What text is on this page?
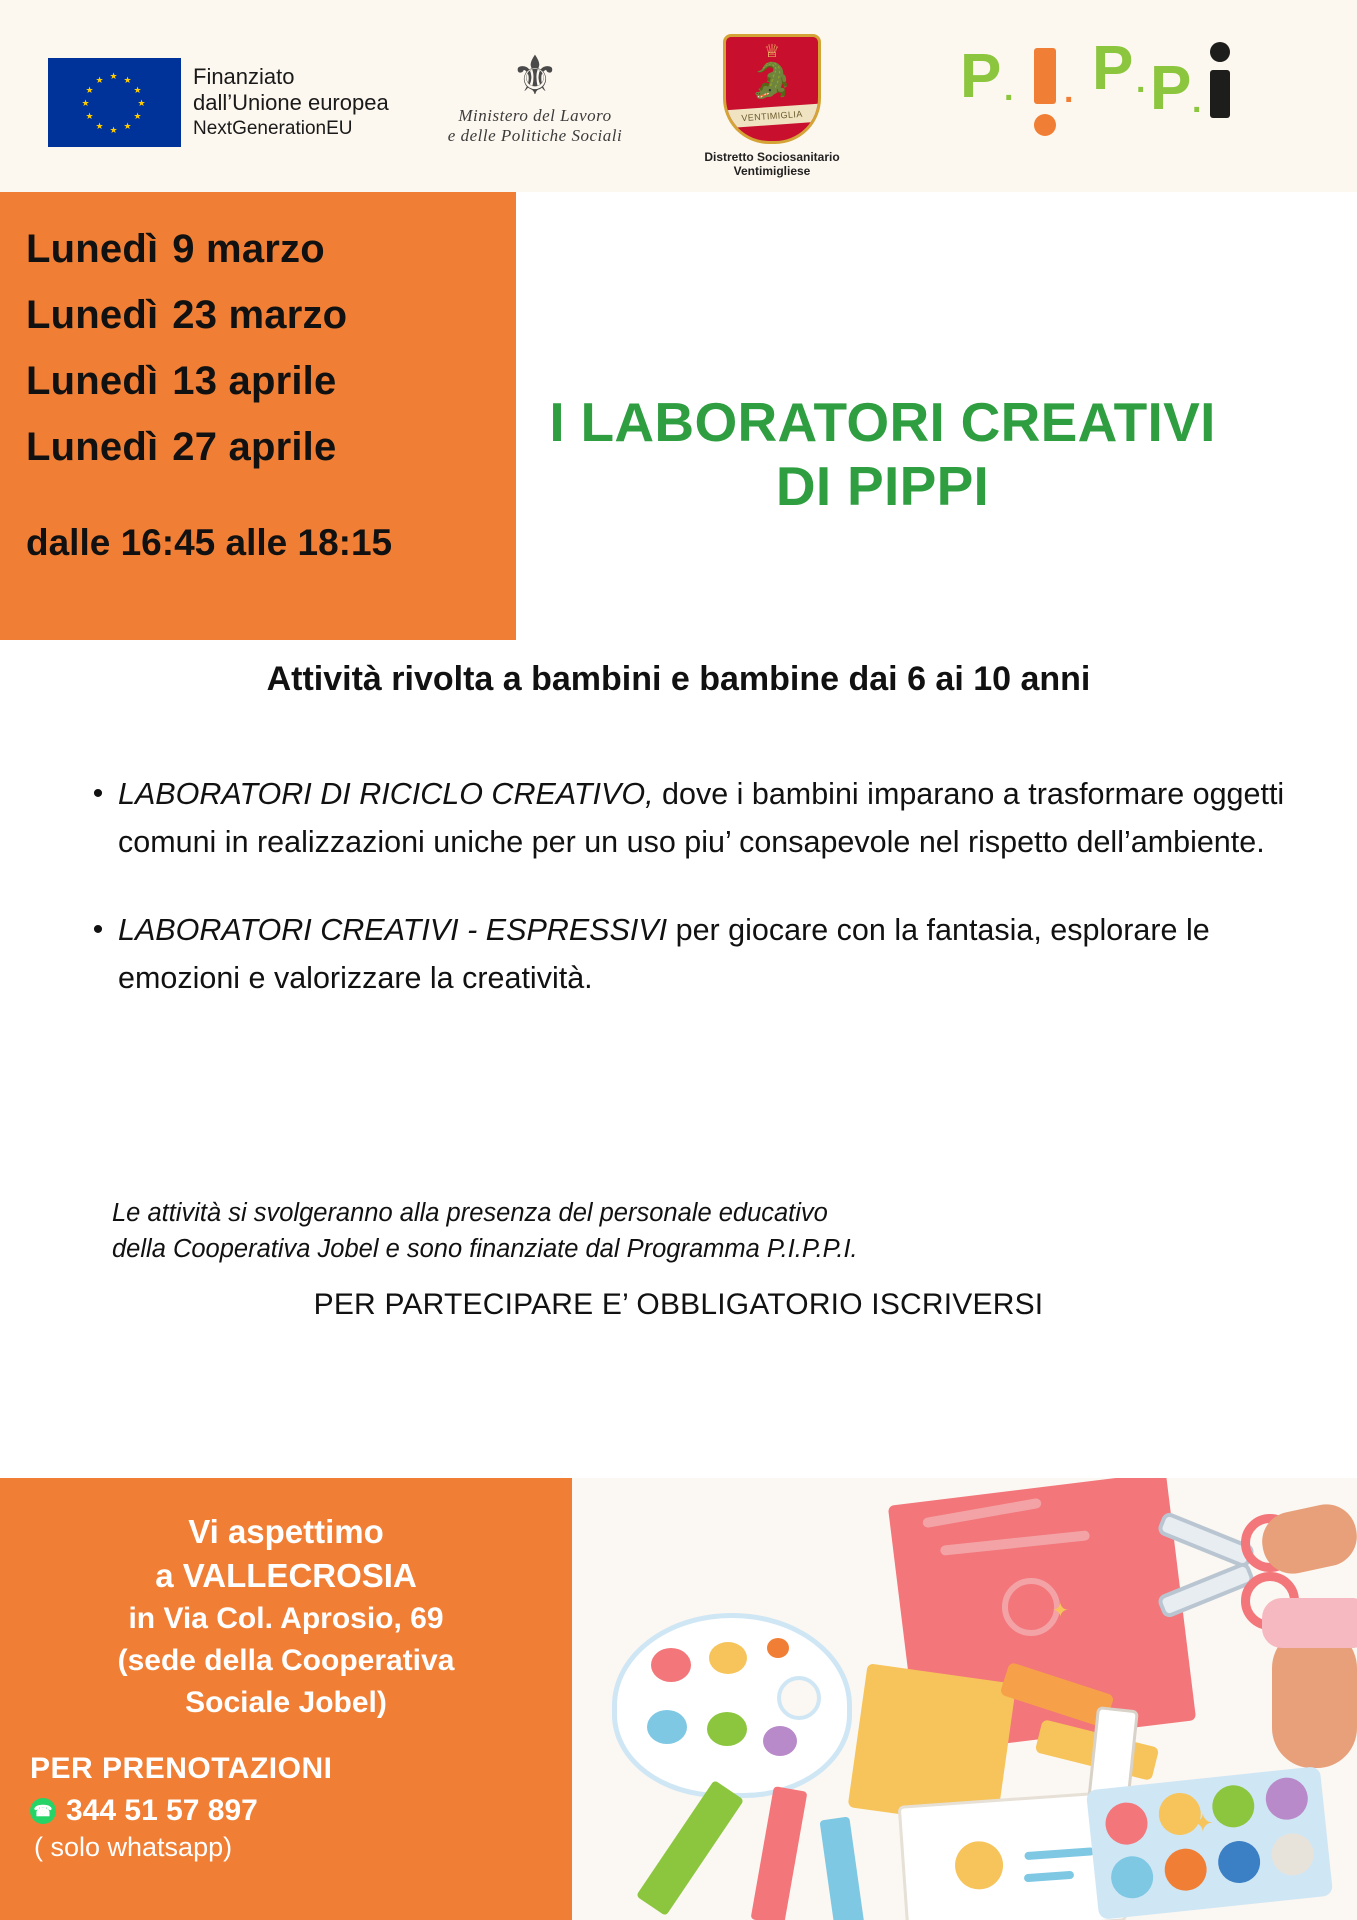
★ ★
★
★
★
★
★
★
★
★
★
★	Finanziato
dall’Unione europea
NextGenerationEU
⚜
Ministero del Lavoro
e delle Politiche Sociali
♕
🐊
VENTIMIGLIA
Distretto Sociosanitario Ventimigliese
P . . P . P .
Lunedì 9 marzo
Lunedì 23 marzo
Lunedì 13 aprile
Lunedì 27 aprile
dalle 16:45 alle 18:15
I LABORATORI CREATIVI
DI PIPPI
Attività rivolta a bambini e bambine dai 6 ai 10 anni
• LABORATORI DI RICICLO CREATIVO, dove i bambini imparano a trasformare oggetti comuni in realizzazioni uniche per un uso piu’ consapevole nel rispetto dell’ambiente.
• LABORATORI CREATIVI - ESPRESSIVI per giocare con la fantasia, esplorare le emozioni e valorizzare la creatività.
Le attività si svolgeranno alla presenza del personale educativo
della Cooperativa Jobel e sono finanziate dal Programma P.I.P.P.I.
PER PARTECIPARE E’ OBBLIGATORIO ISCRIVERSI
Vi aspettimo
a VALLECROSIA
in Via Col. Aprosio, 69
(sede della Cooperativa
Sociale Jobel)
PER PRENOTAZIONI
☎ 344 51 57 897
( solo whatsapp)
✦
✦
